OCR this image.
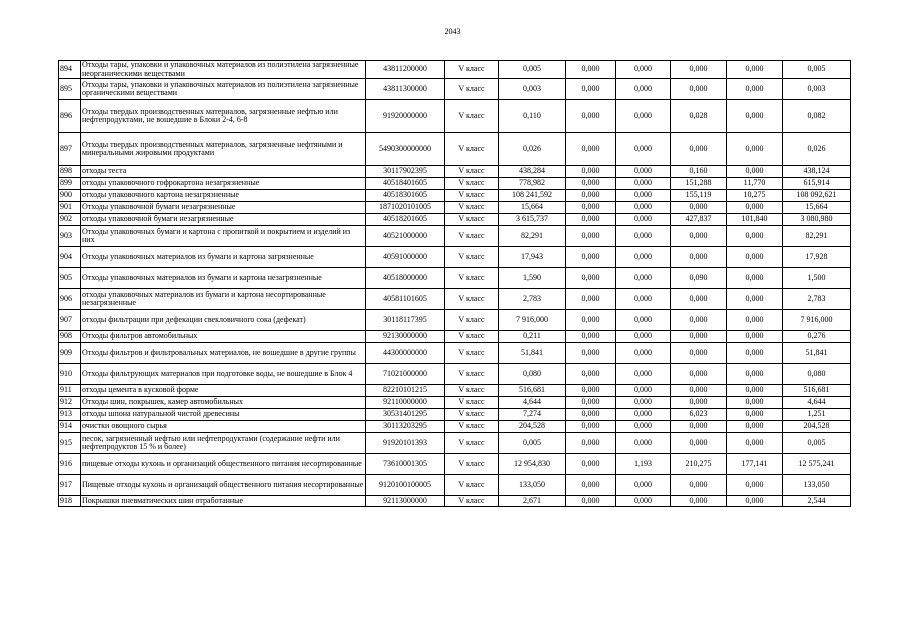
2043
894	Отходы тары, упаковки и упаковочных материалов из полиэтилена загрязненные неорганическими веществами	43811200000	V класс	0,005	0,000	0,000	0,000	0,000	0,005
895	Отходы тары, упаковки и упаковочных материалов из полиэтилена загрязненные органическими веществами	43811300000	V класс	0,003	0,000	0,000	0,000	0,000	0,003
896	Отходы твердых производственных материалов, загрязненные нефтью или нефтепродуктами, не вошедшие в Блоки 2-4, 6-8	91920000000	V класс	0,110	0,000	0,000	0,028	0,000	0,082
897	Отходы твердых производственных материалов, загрязненные нефтяными и минеральными жировыми продуктами	5490300000000	V класс	0,026	0,000	0,000	0,000	0,000	0,026
898	отходы теста	30117902395	V класс	438,284	0,000	0,000	0,160	0,000	438,124
899	отходы упаковочного гофрокартона незагрязненные	40518401605	V класс	778,982	0,000	0,000	151,288	11,770	615,914
900	отходы упаковочного картона незагрязненные	40518301605	V класс	108 241,592	0,000	0,000	155,119	10,275	108 092,621
901	Отходы упаковочной бумаги незагрязненные	1871020101005	V класс	15,664	0,000	0,000	0,000	0,000	15,664
902	отходы упаковочной бумаги незагрязненные	40518201605	V класс	3 615,737	0,000	0,000	427,837	101,840	3 080,980
903	Отходы упаковочных бумаги и картона с пропиткой и покрытием и изделий из них	40521000000	V класс	82,291	0,000	0,000	0,000	0,000	82,291
904	Отходы упаковочных материалов из бумаги и картона загрязненные	40591000000	V класс	17,943	0,000	0,000	0,000	0,000	17,928
905	Отходы упаковочных материалов из бумаги и картона незагрязненные	40518000000	V класс	1,590	0,000	0,000	0,090	0,000	1,500
906	отходы упаковочных материалов из бумаги и картона несортированные незагрязненные	40581101605	V класс	2,783	0,000	0,000	0,000	0,000	2,783
907	отходы фильтрации при дефекации свекловичного сока (дефекат)	30118117395	V класс	7 916,000	0,000	0,000	0,000	0,000	7 916,000
908	Отходы фильтров автомобильных	92130000000	V класс	0,211	0,000	0,000	0,000	0,000	0,276
909	Отходы фильтров и фильтровальных материалов, не вошедшие в другие группы	44300000000	V класс	51,841	0,000	0,000	0,000	0,000	51,841
910	Отходы фильтрующих материалов при подготовке воды, не вошедшие в Блок 4	71021000000	V класс	0,080	0,000	0,000	0,000	0,000	0,080
911	отходы цемента в кусковой форме	82210101215	V класс	516,681	0,000	0,000	0,000	0,000	516,681
912	Отходы шин, покрышек, камер автомобильных	92110000000	V класс	4,644	0,000	0,000	0,000	0,000	4,644
913	отходы шпона натуральной чистой древесины	30531401295	V класс	7,274	0,000	0,000	6,023	0,000	1,251
914	очистки овощного сырья	30113203295	V класс	204,528	0,000	0,000	0,000	0,000	204,528
915	песок, загрязненный нефтью или нефтепродуктами (содержание нефти или нефтепродуктов 15 % и более)	91920101393	V класс	0,005	0,000	0,000	0,000	0,000	0,005
916	пищевые отходы кухонь и организаций общественного питания несортированные	73610001305	V класс	12 954,830	0,000	1,193	210,275	177,141	12 575,241
917	Пищевые отходы кухонь и организаций общественного питания несортированные	9120100100005	V класс	133,050	0,000	0,000	0,000	0,000	133,050
918	Покрышки пневматических шин отработанные	92113000000	V класс	2,671	0,000	0,000	0,000	0,000	2,544
